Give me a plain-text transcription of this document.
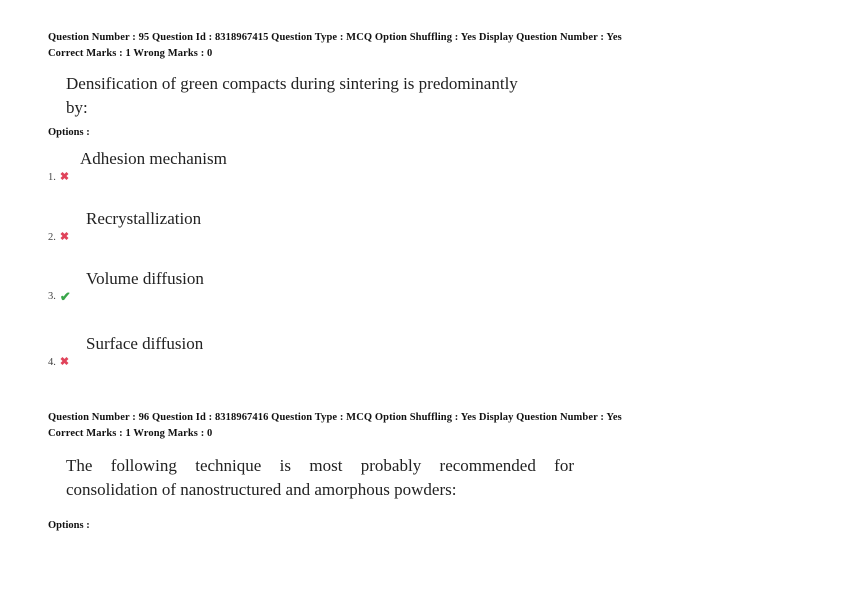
Question Number : 95 Question Id : 8318967415 Question Type : MCQ Option Shuffling : Yes Display Question Number : Yes
Correct Marks : 1 Wrong Marks : 0
Densification of green compacts during sintering is predominantly
by:
Options :
Adhesion mechanism
1. ✖
Recrystallization
2. ✖
Volume diffusion
3. ✔
Surface diffusion
4. ✖
Question Number : 96 Question Id : 8318967416 Question Type : MCQ Option Shuffling : Yes Display Question Number : Yes
Correct Marks : 1 Wrong Marks : 0
The following technique is most probably recommended for
consolidation of nanostructured and amorphous powders:
Options :
